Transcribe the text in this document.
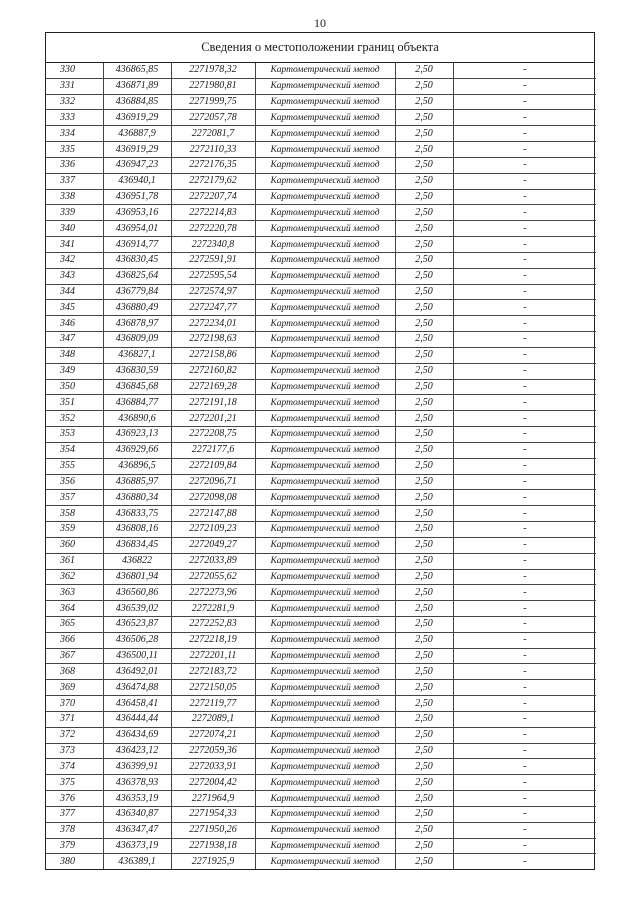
10
Сведения о местоположении границ объекта
330	436865,85	2271978,32	Картометрический метод	2,50	-
331	436871,89	2271980,81	Картометрический метод	2,50	-
332	436884,85	2271999,75	Картометрический метод	2,50	-
333	436919,29	2272057,78	Картометрический метод	2,50	-
334	436887,9	2272081,7	Картометрический метод	2,50	-
335	436919,29	2272110,33	Картометрический метод	2,50	-
336	436947,23	2272176,35	Картометрический метод	2,50	-
337	436940,1	2272179,62	Картометрический метод	2,50	-
338	436951,78	2272207,74	Картометрический метод	2,50	-
339	436953,16	2272214,83	Картометрический метод	2,50	-
340	436954,01	2272220,78	Картометрический метод	2,50	-
341	436914,77	2272340,8	Картометрический метод	2,50	-
342	436830,45	2272591,91	Картометрический метод	2,50	-
343	436825,64	2272595,54	Картометрический метод	2,50	-
344	436779,84	2272574,97	Картометрический метод	2,50	-
345	436880,49	2272247,77	Картометрический метод	2,50	-
346	436878,97	2272234,01	Картометрический метод	2,50	-
347	436809,09	2272198,63	Картометрический метод	2,50	-
348	436827,1	2272158,86	Картометрический метод	2,50	-
349	436830,59	2272160,82	Картометрический метод	2,50	-
350	436845,68	2272169,28	Картометрический метод	2,50	-
351	436884,77	2272191,18	Картометрический метод	2,50	-
352	436890,6	2272201,21	Картометрический метод	2,50	-
353	436923,13	2272208,75	Картометрический метод	2,50	-
354	436929,66	2272177,6	Картометрический метод	2,50	-
355	436896,5	2272109,84	Картометрический метод	2,50	-
356	436885,97	2272096,71	Картометрический метод	2,50	-
357	436880,34	2272098,08	Картометрический метод	2,50	-
358	436833,75	2272147,88	Картометрический метод	2,50	-
359	436808,16	2272109,23	Картометрический метод	2,50	-
360	436834,45	2272049,27	Картометрический метод	2,50	-
361	436822	2272033,89	Картометрический метод	2,50	-
362	436801,94	2272055,62	Картометрический метод	2,50	-
363	436560,86	2272273,96	Картометрический метод	2,50	-
364	436539,02	2272281,9	Картометрический метод	2,50	-
365	436523,87	2272252,83	Картометрический метод	2,50	-
366	436506,28	2272218,19	Картометрический метод	2,50	-
367	436500,11	2272201,11	Картометрический метод	2,50	-
368	436492,01	2272183,72	Картометрический метод	2,50	-
369	436474,88	2272150,05	Картометрический метод	2,50	-
370	436458,41	2272119,77	Картометрический метод	2,50	-
371	436444,44	2272089,1	Картометрический метод	2,50	-
372	436434,69	2272074,21	Картометрический метод	2,50	-
373	436423,12	2272059,36	Картометрический метод	2,50	-
374	436399,91	2272033,91	Картометрический метод	2,50	-
375	436378,93	2272004,42	Картометрический метод	2,50	-
376	436353,19	2271964,9	Картометрический метод	2,50	-
377	436340,87	2271954,33	Картометрический метод	2,50	-
378	436347,47	2271950,26	Картометрический метод	2,50	-
379	436373,19	2271938,18	Картометрический метод	2,50	-
380	436389,1	2271925,9	Картометрический метод	2,50	-
